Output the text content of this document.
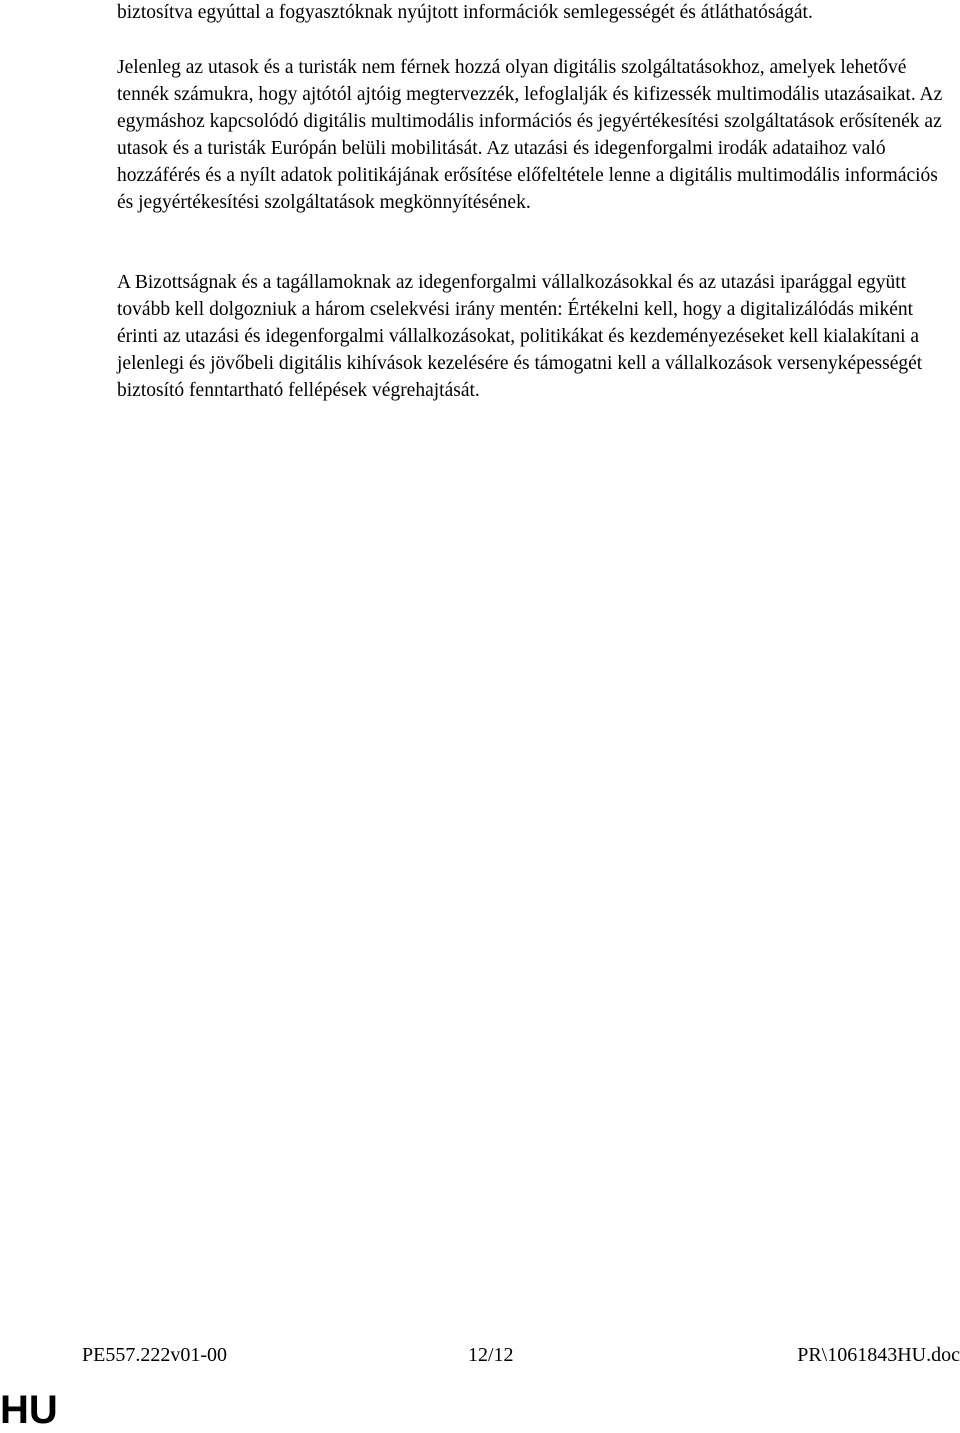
biztosítva egyúttal a fogyasztóknak nyújtott információk semlegességét és átláthatóságát.

Jelenleg az utasok és a turisták nem férnek hozzá olyan digitális szolgáltatásokhoz, amelyek lehetővé tennék számukra, hogy ajtótól ajtóig megtervezzék, lefoglalják és kifizessék multimodális utazásaikat. Az egymáshoz kapcsolódó digitális multimodális információs és jegyértékesítési szolgáltatások erősítenék az utasok és a turisták Európán belüli mobilitását. Az utazási és idegenforgalmi irodák adataihoz való hozzáférés és a nyílt adatok politikájának erősítése előfeltétele lenne a digitális multimodális információs és jegyértékesítési szolgáltatások megkönnyítésének.

A Bizottságnak és a tagállamoknak az idegenforgalmi vállalkozásokkal és az utazási iparággal együtt tovább kell dolgozniuk a három cselekvési irány mentén: Értékelni kell, hogy a digitalizálódás miként érinti az utazási és idegenforgalmi vállalkozásokat, politikákat és kezdeményezéseket kell kialakítani a jelenlegi és jövőbeli digitális kihívások kezelésére és támogatni kell a vállalkozások versenyképességét biztosító fenntartható fellépések végrehajtását.

PE557.222v01-00	12/12	PR\1061843HU.doc
HU
